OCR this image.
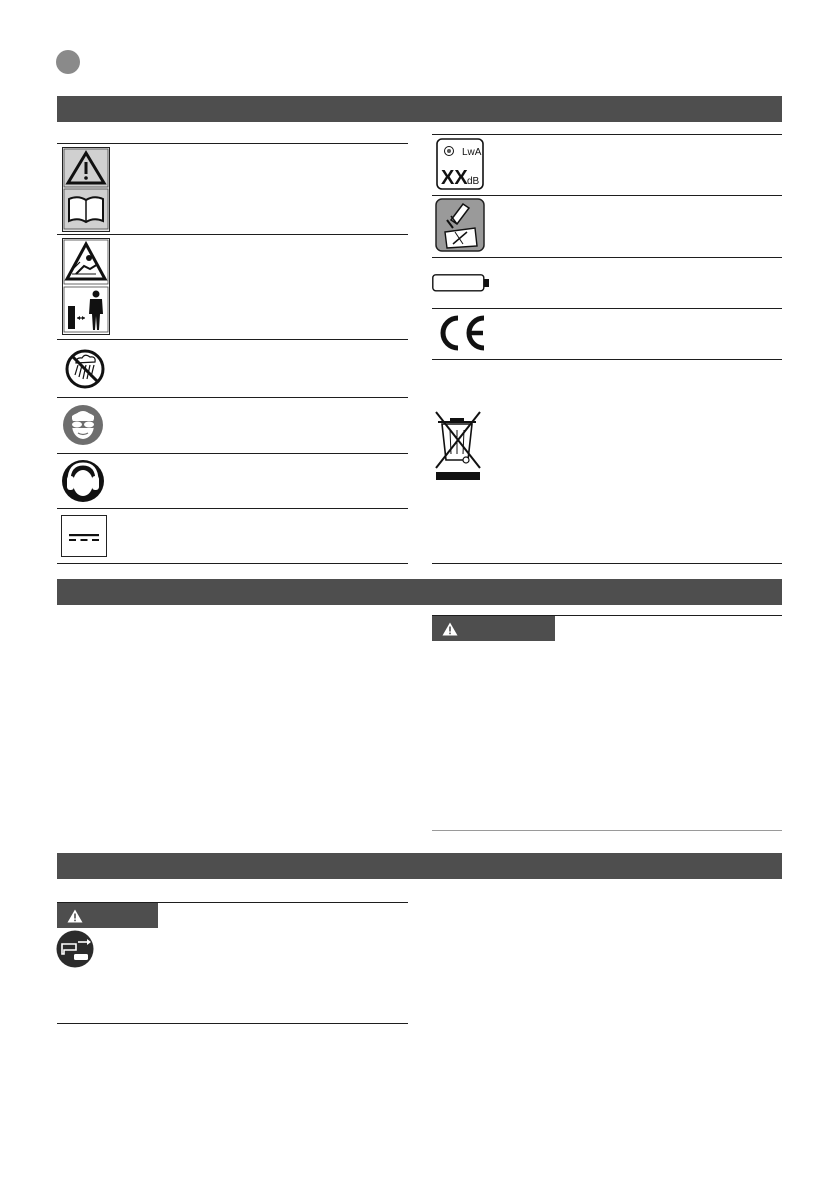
LwA
XX dB
